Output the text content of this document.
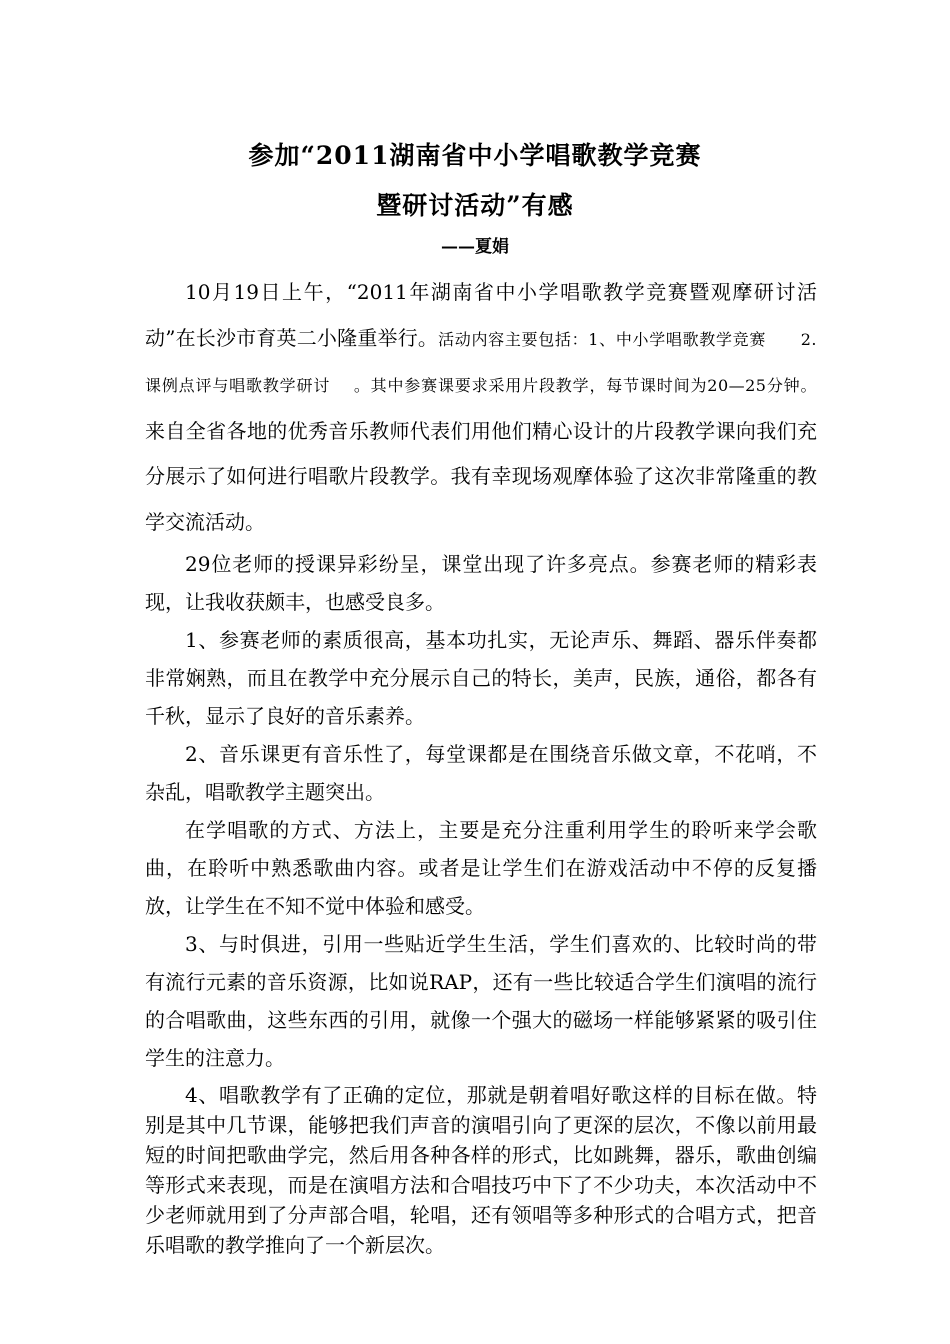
参加“2011湖南省中小学唱歌教学竞赛
暨研讨活动”有感
——夏娟

10月19日上午，“2011年湖南省中小学唱歌教学竞赛暨观摩研讨活动”在长沙市育英二小隆重举行。活动内容主要包括：1、中小学唱歌教学竞赛      2.课例点评与唱歌教学研讨    。其中参赛课要求采用片段教学，每节课时间为20—25分钟。来自全省各地的优秀音乐教师代表们用他们精心设计的片段教学课向我们充分展示了如何进行唱歌片段教学。我有幸现场观摩体验了这次非常隆重的教学交流活动。

29位老师的授课异彩纷呈，课堂出现了许多亮点。参赛老师的精彩表现，让我收获颇丰，也感受良多。

1、参赛老师的素质很高，基本功扎实，无论声乐、舞蹈、器乐伴奏都非常娴熟，而且在教学中充分展示自己的特长，美声，民族，通俗，都各有千秋，显示了良好的音乐素养。

2、音乐课更有音乐性了，每堂课都是在围绕音乐做文章，不花哨，不杂乱，唱歌教学主题突出。

在学唱歌的方式、方法上，主要是充分注重利用学生的聆听来学会歌曲，在聆听中熟悉歌曲内容。或者是让学生们在游戏活动中不停的反复播放，让学生在不知不觉中体验和感受。

3、与时俱进，引用一些贴近学生生活，学生们喜欢的、比较时尚的带有流行元素的音乐资源，比如说RAP，还有一些比较适合学生们演唱的流行的合唱歌曲，这些东西的引用，就像一个强大的磁场一样能够紧紧的吸引住学生的注意力。

4、唱歌教学有了正确的定位，那就是朝着唱好歌这样的目标在做。特别是其中几节课，能够把我们声音的演唱引向了更深的层次，不像以前用最短的时间把歌曲学完，然后用各种各样的形式，比如跳舞，器乐，歌曲创编等形式来表现，而是在演唱方法和合唱技巧中下了不少功夫，本次活动中不少老师就用到了分声部合唱，轮唱，还有领唱等多种形式的合唱方式，把音乐唱歌的教学推向了一个新层次。
